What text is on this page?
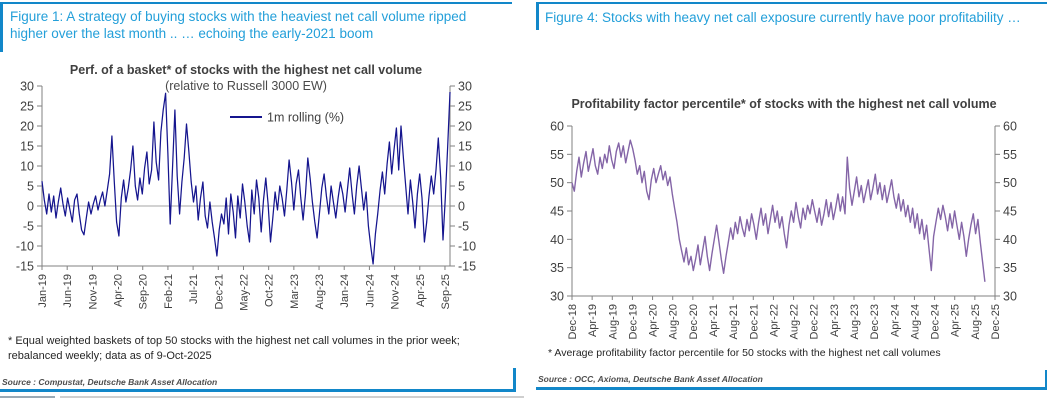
Figure 1: A strategy of buying stocks with the heaviest net call volume ripped
higher over the last month .. … echoing the early-2021 boom
Perf. of a basket* of stocks with the highest net call volume
(relative to Russell 3000 EW)
30	30
25	25
20	20
15	15
10	10
5	5
0	0
-5	-5
-10	-10
-15	-15
Jan-19 Jun-19 Nov-19 Apr-20 Sep-20 Feb-21 Jul-21 Dec-21 May-22 Oct-22 Mar-23 Aug-23 Jan-24 Jun-24 Nov-24 Apr-25 Sep-25
1m rolling (%)
* Equal weighted baskets of top 50 stocks with the highest net call volumes in the prior week; rebalanced weekly; data as of 9-Oct-2025
Source : Compustat, Deutsche Bank Asset Allocation
Figure 4: Stocks with heavy net call exposure currently have poor profitability …
Profitability factor percentile* of stocks with the highest net call volume
60	60
55	55
50	50
45	45
40	40
35	35
30	30
Dec-18 Apr-19 Aug-19 Dec-19 Apr-20 Aug-20 Dec-20 Apr-21 Aug-21 Dec-21 Apr-22 Aug-22 Dec-22 Apr-23 Aug-23 Dec-23 Apr-24 Aug-24 Dec-24 Apr-25 Aug-25 Dec-25
* Average profitability factor percentile for 50 stocks with the highest net call volumes
Source : OCC, Axioma, Deutsche Bank Asset Allocation
